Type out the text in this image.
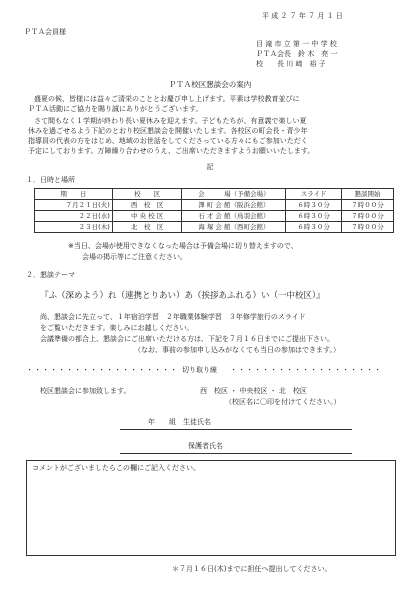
平 成 ２ ７ 年 ７ 月 １ 日
ＰＴＡ会員様
目 滝 市 立 第 一 中 学 校
ＰＴＡ会長　鈴 木　亮 一
校　　長 川 﨑　裕 子
ＰＴＡ校区懇談会の案内
盛夏の候、皆様には益々ご清栄のこととお慶び申し上げます。平素は学校教育並びに
ＰＴＡ活動にご協力を賜り誠にありがとうございます。
さて間もなく１学期が終わり長い夏休みを迎えます。子どもたちが、有意義で楽しい夏
休みを過ごせるよう下記のとおり校区懇談会を開催いたします。各校区の町会長・青少年
指導員の代表の方をはじめ、地域のお世話をしてくださっている方々にもご参加いただく
予定にしております。万障繰り合わせのうえ、ご出席いただきますようお願いいたします。
記
１．日時と場所
期　　日	校　　区	会　　　場（予備会場）	スライド	懇談開始
７月２１日(火)	西　校　区	澤 町 会 館（阪浜会館）	６時３０分	７時００分
２２日(水)	中 央 校 区	石 才 会 館（鳥羽会館）	６時３０分	７時００分
２３日(木)	北　校　区	海 塚 会 館（西町会館）	６時３０分	７時００分
※当日、会場が使用できなくなった場合は予備会場に切り替えますので、
会場の掲示等にご注意ください。
２．懇談テーマ
『ふ（深めよう）れ（連携とりあい）あ（挨拶あふれる）い（一中校区）』
尚、懇談会に先立って、１年宿泊学習　２年職業体験学習　３年修学旅行のスライド
をご覧いただきます。楽しみにお越しください。
会議準備の都合上、懇談会にご出席いただける方は、下記を７月１６日までにご提出下さい。
（なお、事前の参加申し込みがなくても当日の参加はできます。）
・・・・・・・・・・・・・・・・・・・ 切り取り線 ・・・・・・・・・・・・・・・・・・・
校区懇談会に参加致します。	西　校区 ・ 中央校区 ・ 北　校区
（校区名に〇印を付けてください。）
年　　組　生徒氏名
保護者氏名
コメントがございましたらこの欄にご記入ください。
＊７月１６日(木)までに担任へ提出してください。
